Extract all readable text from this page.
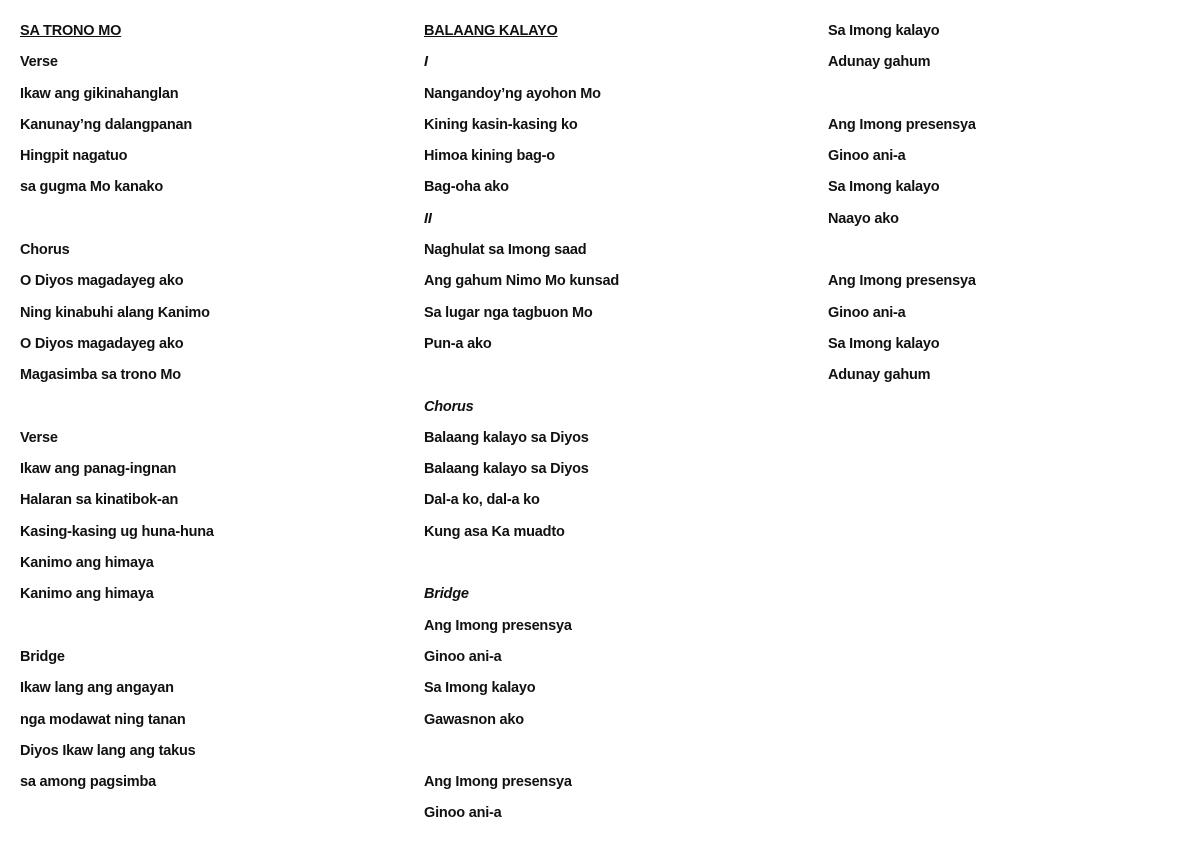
SA TRONO MO
Verse
Ikaw ang gikinahanglan
Kanunay’ng dalangpanan
Hingpit nagatuo
sa gugma Mo kanako
Chorus
O Diyos magadayeg ako
Ning kinabuhi alang Kanimo
O Diyos magadayeg ako
Magasimba sa trono Mo
Verse
Ikaw ang panag-ingnan
Halaran sa kinatibok-an
Kasing-kasing ug huna-huna
Kanimo ang himaya
Kanimo ang himaya
Bridge
Ikaw lang ang angayan
nga modawat ning tanan
Diyos Ikaw lang ang takus
sa among pagsimba
BALAANG KALAYO
I
Nangandoy’ng ayohon Mo
Kining kasin-kasing ko
Himoa kining bag-o
Bag-oha ako
II
Naghulat sa Imong saad
Ang gahum Nimo Mo kunsad
Sa lugar nga tagbuon Mo
Pun-a ako
Chorus
Balaang kalayo sa Diyos
Balaang kalayo sa Diyos
Dal-a ko, dal-a ko
Kung asa Ka muadto
Bridge
Ang Imong presensya
Ginoo ani-a
Sa Imong kalayo
Gawasnon ako
Ang Imong presensya
Ginoo ani-a
Sa Imong kalayo
Adunay gahum
Ang Imong presensya
Ginoo ani-a
Sa Imong kalayo
Naayo ako
Ang Imong presensya
Ginoo ani-a
Sa Imong kalayo
Adunay gahum
